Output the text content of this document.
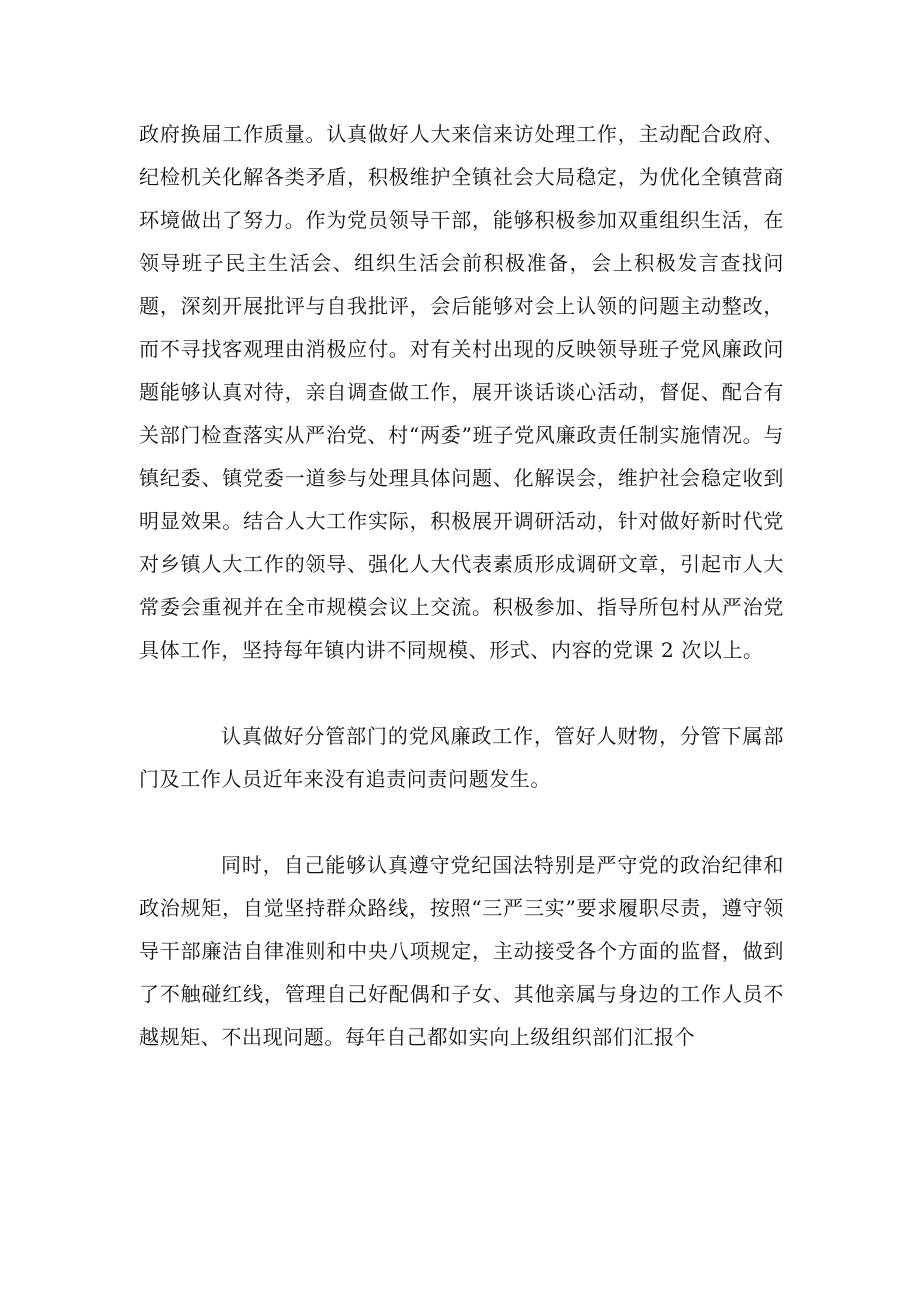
政府换届工作质量。认真做好人大来信来访处理工作，主动配合政府、纪检机关化解各类矛盾，积极维护全镇社会大局稳定，为优化全镇营商环境做出了努力。作为党员领导干部，能够积极参加双重组织生活，在领导班子民主生活会、组织生活会前积极准备，会上积极发言查找问题，深刻开展批评与自我批评，会后能够对会上认领的问题主动整改，而不寻找客观理由消极应付。对有关村出现的反映领导班子党风廉政问题能够认真对待，亲自调查做工作，展开谈话谈心活动，督促、配合有关部门检查落实从严治党、村“两委”班子党风廉政责任制实施情况。与镇纪委、镇党委一道参与处理具体问题、化解误会，维护社会稳定收到明显效果。结合人大工作实际，积极展开调研活动，针对做好新时代党对乡镇人大工作的领导、强化人大代表素质形成调研文章，引起市人大常委会重视并在全市规模会议上交流。积极参加、指导所包村从严治党具体工作，坚持每年镇内讲不同规模、形式、内容的党课 2 次以上。

认真做好分管部门的党风廉政工作，管好人财物，分管下属部门及工作人员近年来没有追责问责问题发生。

同时，自己能够认真遵守党纪国法特别是严守党的政治纪律和政治规矩，自觉坚持群众路线，按照“三严三实”要求履职尽责，遵守领导干部廉洁自律准则和中央八项规定，主动接受各个方面的监督，做到了不触碰红线，管理自己好配偶和子女、其他亲属与身边的工作人员不越规矩、不出现问题。每年自己都如实向上级组织部们汇报个
